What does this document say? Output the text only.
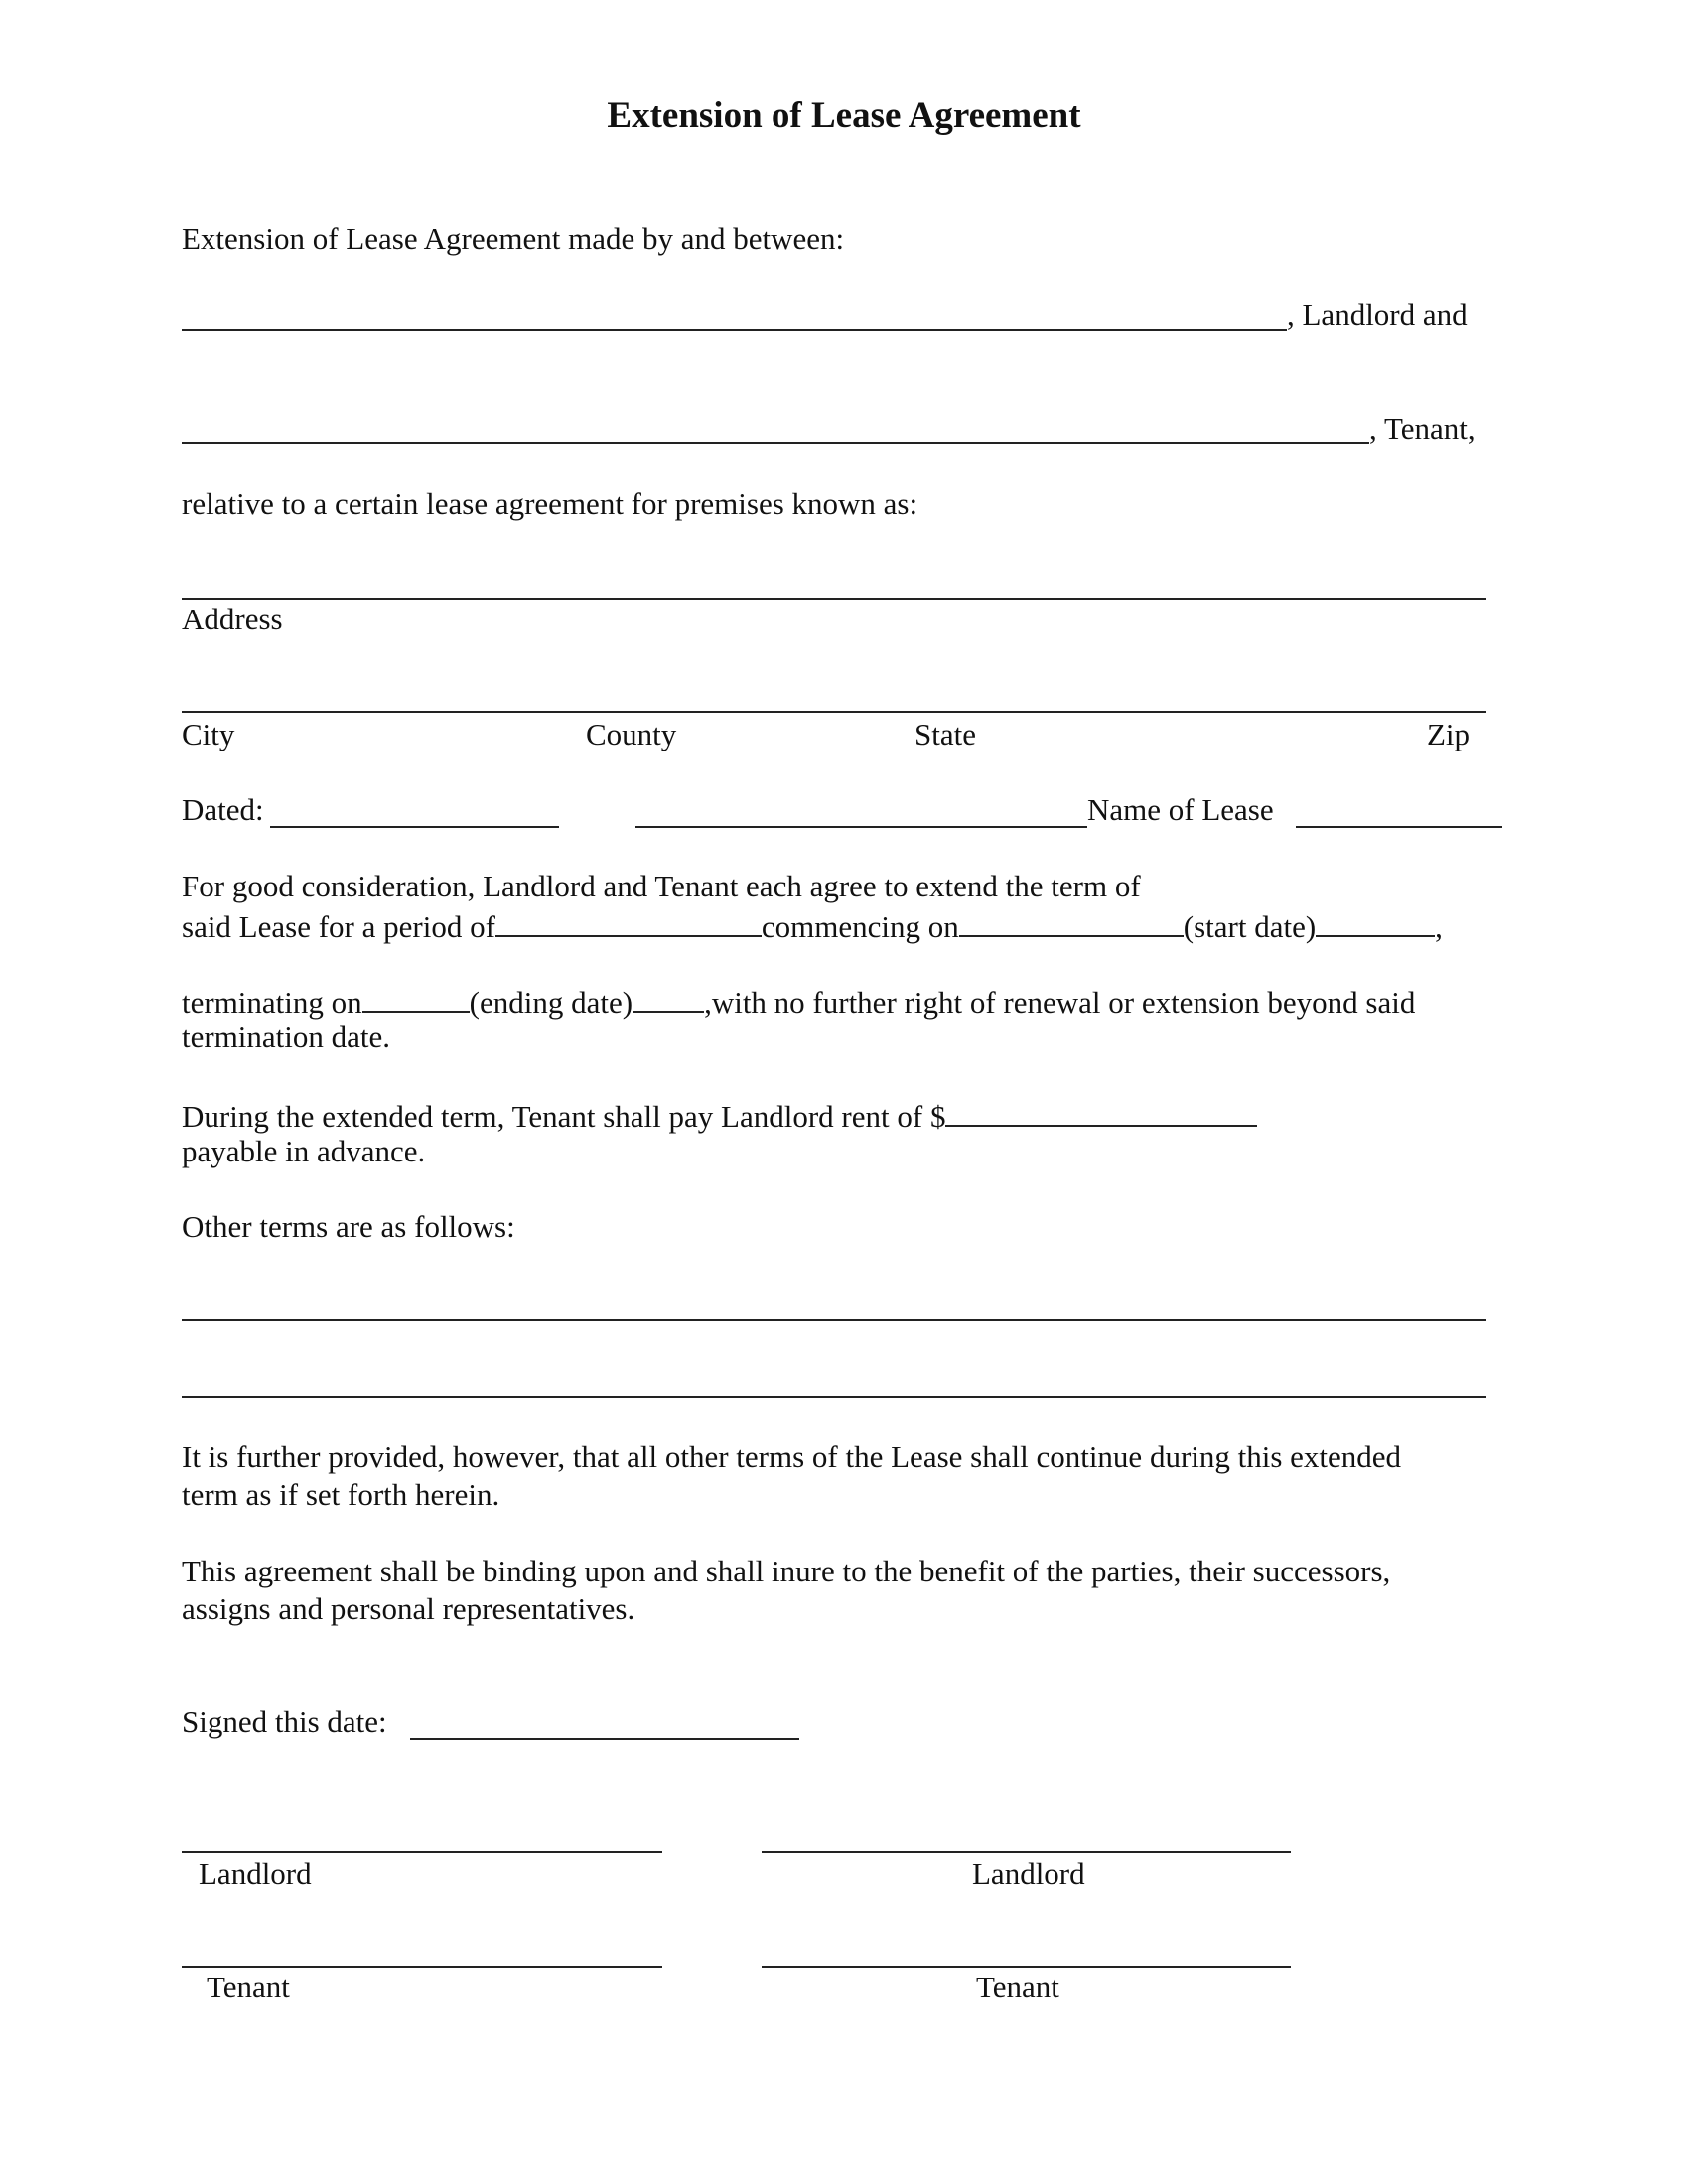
Extension of Lease Agreement
Extension of Lease Agreement made by and between:
, Landlord and
, Tenant,
relative to a certain lease agreement for premises known as:
Address
City	County	State	Zip
Dated:	Name of Lease
For good consideration, Landlord and Tenant each agree to extend the term of
said Lease for a period of	commencing on	(start date)	,
terminating on	(ending date) ,with no further right of renewal or extension beyond said
termination date.
During the extended term, Tenant shall pay Landlord rent of $
payable in advance.
Other terms are as follows:
It is further provided, however, that all other terms of the Lease shall continue during this extended
term as if set forth herein.
This agreement shall be binding upon and shall inure to the benefit of the parties, their successors,
assigns and personal representatives.
Signed this date:
Landlord	Landlord
Tenant	Tenant
